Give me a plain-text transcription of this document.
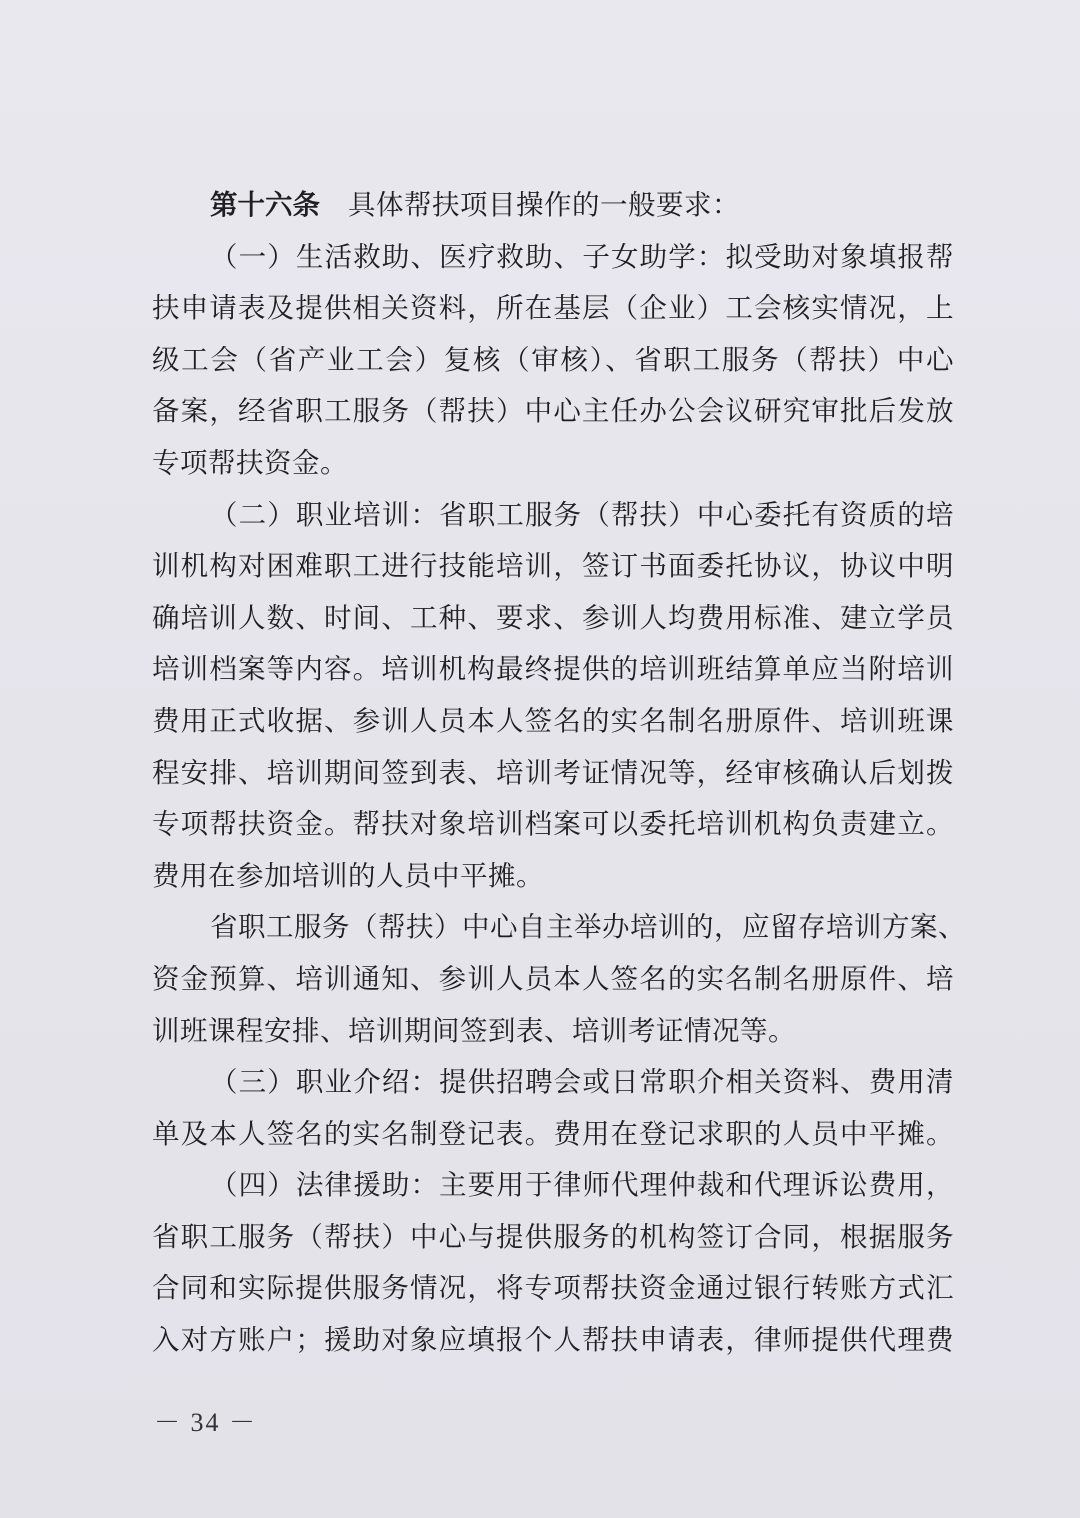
第十六条 具体帮扶项目操作的一般要求：
（一）生活救助、医疗救助、子女助学：拟受助对象填报帮
扶申请表及提供相关资料，所在基层（企业）工会核实情况，上
级工会（省产业工会）复核（审核）、省职工服务（帮扶）中心
备案，经省职工服务（帮扶）中心主任办公会议研究审批后发放
专项帮扶资金。
（二）职业培训：省职工服务（帮扶）中心委托有资质的培
训机构对困难职工进行技能培训，签订书面委托协议，协议中明
确培训人数、时间、工种、要求、参训人均费用标准、建立学员
培训档案等内容。培训机构最终提供的培训班结算单应当附培训
费用正式收据、参训人员本人签名的实名制名册原件、培训班课
程安排、培训期间签到表、培训考证情况等，经审核确认后划拨
专项帮扶资金。帮扶对象培训档案可以委托培训机构负责建立。
费用在参加培训的人员中平摊。
省职工服务（帮扶）中心自主举办培训的，应留存培训方案、
资金预算、培训通知、参训人员本人签名的实名制名册原件、培
训班课程安排、培训期间签到表、培训考证情况等。
（三）职业介绍：提供招聘会或日常职介相关资料、费用清
单及本人签名的实名制登记表。费用在登记求职的人员中平摊。
（四）法律援助：主要用于律师代理仲裁和代理诉讼费用，
省职工服务（帮扶）中心与提供服务的机构签订合同，根据服务
合同和实际提供服务情况，将专项帮扶资金通过银行转账方式汇
入对方账户；援助对象应填报个人帮扶申请表，律师提供代理费
－ 34 －
